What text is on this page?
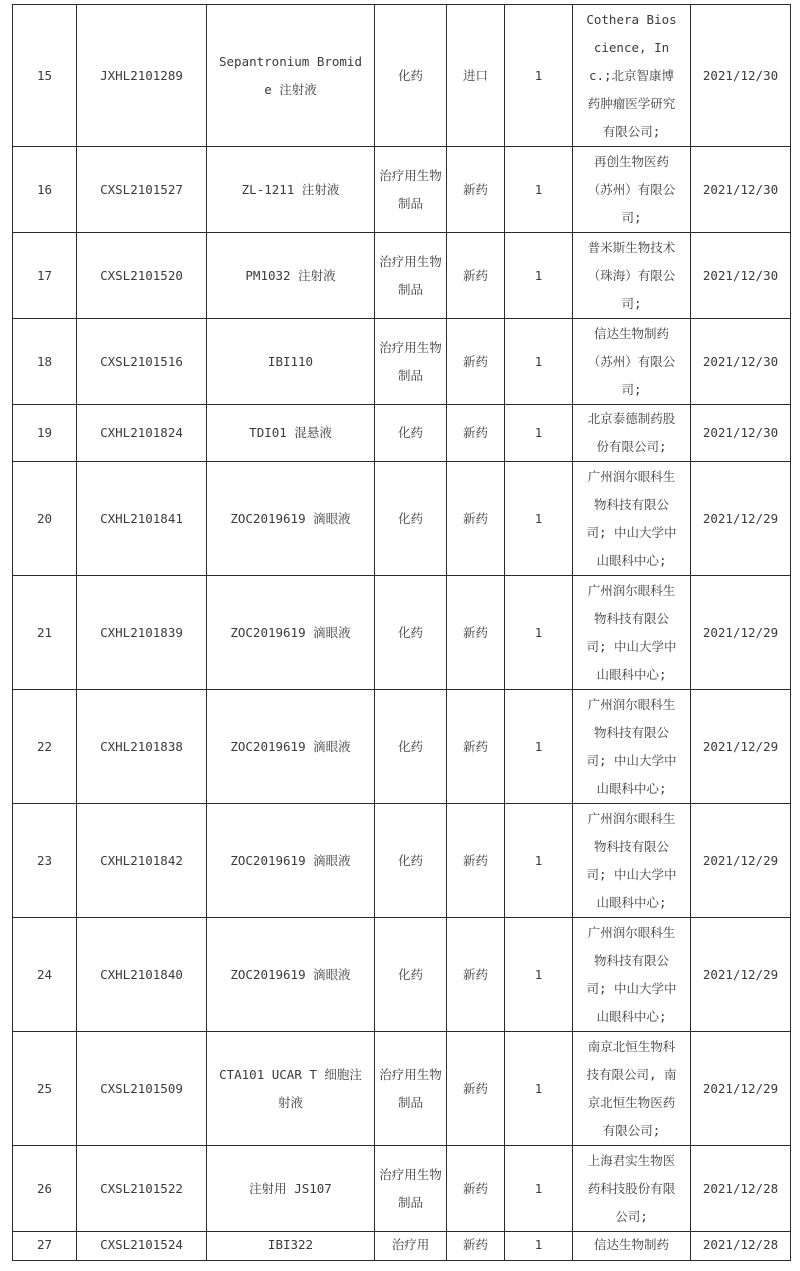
15	JXHL2101289	Sepantronium Bromide 注射液	化药	进口	1	Cothera Bioscience, Inc.;北京智康博药肿瘤医学研究有限公司;	2021/12/30
16	CXSL2101527	ZL-1211 注射液	治疗用生物制品	新药	1	再创生物医药（苏州）有限公司;	2021/12/30
17	CXSL2101520	PM1032 注射液	治疗用生物制品	新药	1	普米斯生物技术（珠海）有限公司;	2021/12/30
18	CXSL2101516	IBI110	治疗用生物制品	新药	1	信达生物制药（苏州）有限公司;	2021/12/30
19	CXHL2101824	TDI01 混悬液	化药	新药	1	北京泰德制药股份有限公司;	2021/12/30
20	CXHL2101841	ZOC2019619 滴眼液	化药	新药	1	广州润尔眼科生物科技有限公司; 中山大学中山眼科中心;	2021/12/29
21	CXHL2101839	ZOC2019619 滴眼液	化药	新药	1	广州润尔眼科生物科技有限公司; 中山大学中山眼科中心;	2021/12/29
22	CXHL2101838	ZOC2019619 滴眼液	化药	新药	1	广州润尔眼科生物科技有限公司; 中山大学中山眼科中心;	2021/12/29
23	CXHL2101842	ZOC2019619 滴眼液	化药	新药	1	广州润尔眼科生物科技有限公司; 中山大学中山眼科中心;	2021/12/29
24	CXHL2101840	ZOC2019619 滴眼液	化药	新药	1	广州润尔眼科生物科技有限公司; 中山大学中山眼科中心;	2021/12/29
25	CXSL2101509	CTA101 UCAR T 细胞注射液	治疗用生物制品	新药	1	南京北恒生物科技有限公司, 南京北恒生物医药有限公司;	2021/12/29
26	CXSL2101522	注射用 JS107	治疗用生物制品	新药	1	上海君实生物医药科技股份有限公司;	2021/12/28
27	CXSL2101524	IBI322	治疗用	新药	1	信达生物制药	2021/12/28
